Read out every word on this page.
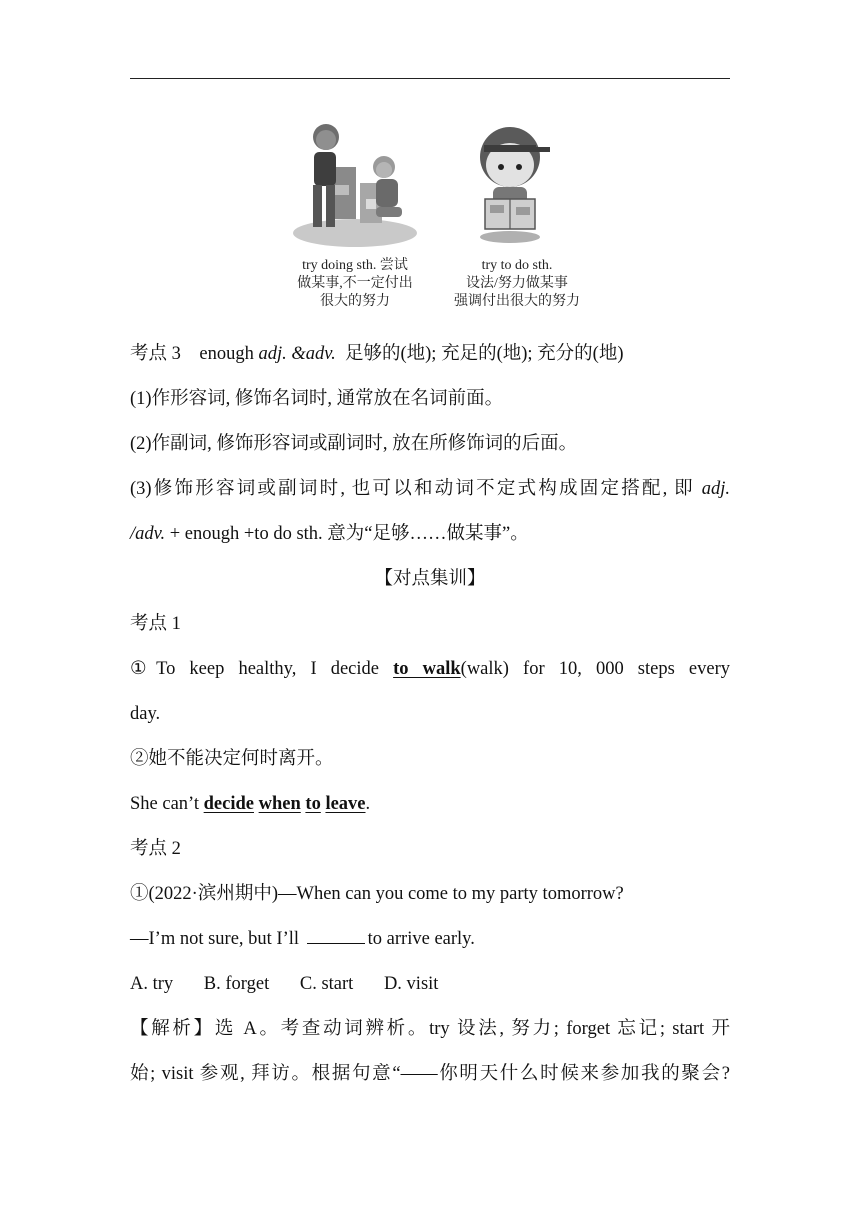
try doing sth. 尝试
做某事,不一定付出
很大的努力
try to do sth.
设法/努力做某事
强调付出很大的努力
考点 3 enough adj. &adv. 足够的(地); 充足的(地); 充分的(地)
(1)作形容词, 修饰名词时, 通常放在名词前面。
(2)作副词, 修饰形容词或副词时, 放在所修饰词的后面。
(3)修饰形容词或副词时, 也可以和动词不定式构成固定搭配, 即 adj.
/adv. + enough +to do sth. 意为“足够……做某事”。
【对点集训】
考点 1
①To keep healthy, I decide to walk(walk) for 10, 000 steps every
day.
②她不能决定何时离开。
She can’t decide when to leave.
考点 2
①(2022·滨州期中)—When can you come to my party tomorrow?
—I’m not sure, but I’ll	to arrive early.
A. try B. forget C. start D. visit
【解析】选 A。考查动词辨析。try 设法, 努力; forget 忘记; start 开
始; visit 参观, 拜访。根据句意“——你明天什么时候来参加我的聚会?
